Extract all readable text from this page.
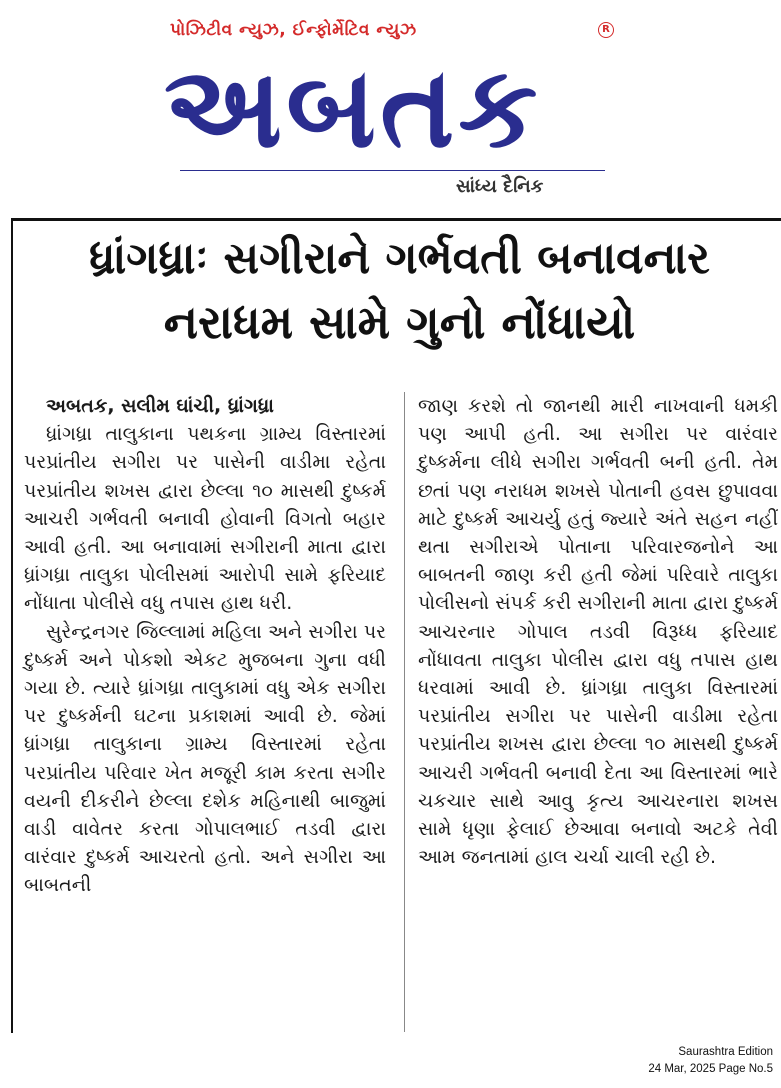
પોઝિટીવ ન્યુઝ, ઈન્ફોર્મેટિવ ન્યુઝ	R
અબતક
સાંધ્ય દૈનિક
ધ્રાંગધ્રાઃ સગીરાને ગર્ભવતી બનાવનાર
નરાધમ સામે ગુનો નોંધાયો
અબતક, સલીમ ઘાંચી, ધ્રાંગધ્રા

ધ્રાંગધ્રા તાલુકાના પથકના ગ્રામ્ય વિસ્તારમાં પરપ્રાંતીય સગીરા પર પાસેની વાડીમા રહેતા પરપ્રાંતીય શખસ દ્વારા છેલ્લા ૧૦ માસથી દુષ્કર્મ આચરી ગર્ભવતી બનાવી હોવાની વિગતો બહાર આવી હતી. આ બનાવામાં સગીરાની માતા દ્વારા ધ્રાંગધ્રા તાલુકા પોલીસમાં આરોપી સામે ફરિયાદ નોંધાતા પોલીસે વધુ તપાસ હાથ ધરી.

સુરેન્દ્રનગર જિલ્લામાં મહિલા અને સગીરા પર દુષ્કર્મ અને પોકશો એકટ મુજબના ગુના વધી ગયા છે. ત્યારે ધ્રાંગધ્રા તાલુકામાં વધુ એક સગીરા પર દુષ્કર્મની ઘટના પ્રકાશમાં આવી છે. જેમાં ધ્રાંગધ્રા તાલુકાના ગ્રામ્ય વિસ્તારમાં રહેતા પરપ્રાંતીય પરિવાર ખેત મજૂરી કામ કરતા સગીર વયની દીકરીને છેલ્લા દશેક મહિનાથી બાજુમાં વાડી વાવેતર કરતા ગોપાલભાઈ તડવી દ્વારા વારંવાર દુષ્કર્મ આચરતો હતો. અને સગીરા આ બાબતની

જાણ કરશે તો જાનથી મારી નાખવાની ધમકી પણ આપી હતી. આ સગીરા પર વારંવાર દુષ્કર્મના લીધે સગીરા ગર્ભવતી બની હતી. તેમ છતાં પણ નરાધમ શખસે પોતાની હવસ છુપાવવા માટે દુષ્કર્મ આચર્યુ હતું જ્યારે અંતે સહન નહીં થતા સગીરાએ પોતાના પરિવારજનોને આ બાબતની જાણ કરી હતી જેમાં પરિવારે તાલુકા પોલીસનો સંપર્ક કરી સગીરાની માતા દ્વારા દુષ્કર્મ આચરનાર ગોપાલ તડવી વિરૂધ્ધ ફરિયાદ નોંધાવતા તાલુકા પોલીસ દ્વારા વધુ તપાસ હાથ ધરવામાં આવી છે. ધ્રાંગધ્રા તાલુકા વિસ્તારમાં પરપ્રાંતીય સગીરા પર પાસેની વાડીમા રહેતા પરપ્રાંતીય શખસ દ્વારા છેલ્લા ૧૦ માસથી દુષ્કર્મ આચરી ગર્ભવતી બનાવી દેતા આ વિસ્તારમાં ભારે ચકચાર સાથે આવુ કૃત્ય આચરનારા શખસ સામે ધૃણા ફેલાઈ છેઆવા બનાવો અટકે તેવી આમ જનતામાં હાલ ચર્ચા ચાલી રહી છે.

Saurashtra Edition
24 Mar, 2025 Page No.5
